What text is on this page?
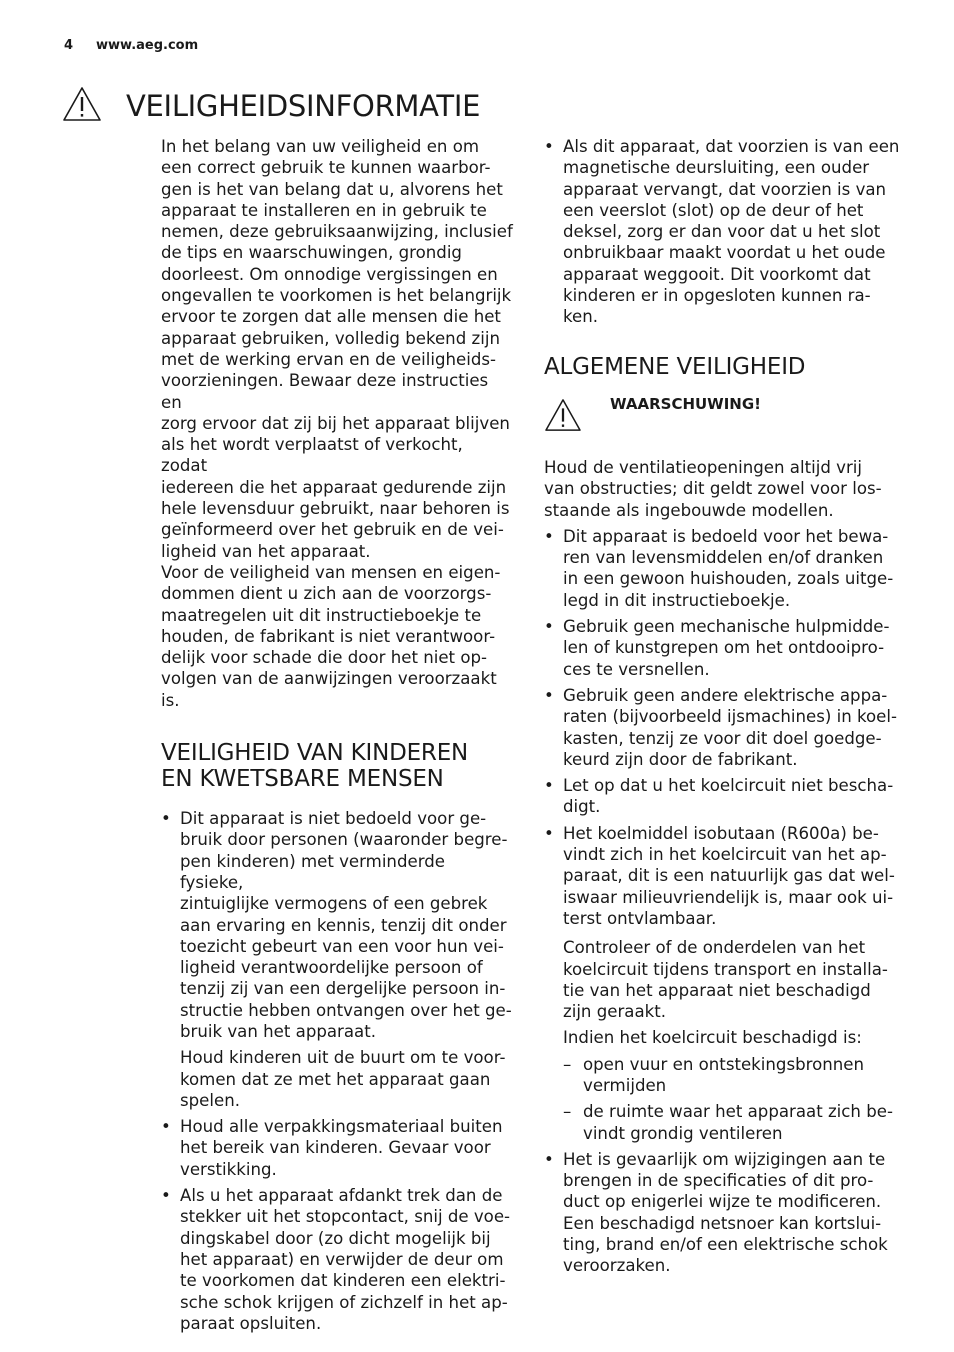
4 www.aeg.com
VEILIGHEIDSINFORMATIE
In het belang van uw veiligheid en om
een correct gebruik te kunnen waarbor-
gen is het van belang dat u, alvorens het
apparaat te installeren en in gebruik te
nemen, deze gebruiksaanwijzing, inclusief
de tips en waarschuwingen, grondig
doorleest. Om onnodige vergissingen en
ongevallen te voorkomen is het belangrijk
ervoor te zorgen dat alle mensen die het
apparaat gebruiken, volledig bekend zijn
met de werking ervan en de veiligheids-
voorzieningen. Bewaar deze instructies en
zorg ervoor dat zij bij het apparaat blijven
als het wordt verplaatst of verkocht, zodat
iedereen die het apparaat gedurende zijn
hele levensduur gebruikt, naar behoren is
geïnformeerd over het gebruik en de vei-
ligheid van het apparaat.
Voor de veiligheid van mensen en eigen-
dommen dient u zich aan de voorzorgs-
maatregelen uit dit instructieboekje te
houden, de fabrikant is niet verantwoor-
delijk voor schade die door het niet op-
volgen van de aanwijzingen veroorzaakt
is.
VEILIGHEID VAN KINDEREN
EN KWETSBARE MENSEN
• Dit apparaat is niet bedoeld voor ge-
bruik door personen (waaronder begre-
pen kinderen) met verminderde fysieke,
zintuiglijke vermogens of een gebrek
aan ervaring en kennis, tenzij dit onder
toezicht gebeurt van een voor hun vei-
ligheid verantwoordelijke persoon of
tenzij zij van een dergelijke persoon in-
structie hebben ontvangen over het ge-
bruik van het apparaat.
Houd kinderen uit de buurt om te voor-
komen dat ze met het apparaat gaan
spelen.
• Houd alle verpakkingsmateriaal buiten
het bereik van kinderen. Gevaar voor
verstikking.
• Als u het apparaat afdankt trek dan de
stekker uit het stopcontact, snij de voe-
dingskabel door (zo dicht mogelijk bij
het apparaat) en verwijder de deur om
te voorkomen dat kinderen een elektri-
sche schok krijgen of zichzelf in het ap-
paraat opsluiten.
• Als dit apparaat, dat voorzien is van een
magnetische deursluiting, een ouder
apparaat vervangt, dat voorzien is van
een veerslot (slot) op de deur of het
deksel, zorg er dan voor dat u het slot
onbruikbaar maakt voordat u het oude
apparaat weggooit. Dit voorkomt dat
kinderen er in opgesloten kunnen ra-
ken.
ALGEMENE VEILIGHEID
WAARSCHUWING!
Houd de ventilatieopeningen altijd vrij
van obstructies; dit geldt zowel voor los-
staande als ingebouwde modellen.
• Dit apparaat is bedoeld voor het bewa-
ren van levensmiddelen en/of dranken
in een gewoon huishouden, zoals uitge-
legd in dit instructieboekje.
• Gebruik geen mechanische hulpmidde-
len of kunstgrepen om het ontdooipro-
ces te versnellen.
• Gebruik geen andere elektrische appa-
raten (bijvoorbeeld ijsmachines) in koel-
kasten, tenzij ze voor dit doel goedge-
keurd zijn door de fabrikant.
• Let op dat u het koelcircuit niet bescha-
digt.
• Het koelmiddel isobutaan (R600a) be-
vindt zich in het koelcircuit van het ap-
paraat, dit is een natuurlijk gas dat wel-
iswaar milieuvriendelijk is, maar ook ui-
terst ontvlambaar.
Controleer of de onderdelen van het
koelcircuit tijdens transport en installa-
tie van het apparaat niet beschadigd
zijn geraakt.
Indien het koelcircuit beschadigd is:
– open vuur en ontstekingsbronnen
vermijden
– de ruimte waar het apparaat zich be-
vindt grondig ventileren
• Het is gevaarlijk om wijzigingen aan te
brengen in de specificaties of dit pro-
duct op enigerlei wijze te modificeren.
Een beschadigd netsnoer kan kortslui-
ting, brand en/of een elektrische schok
veroorzaken.
